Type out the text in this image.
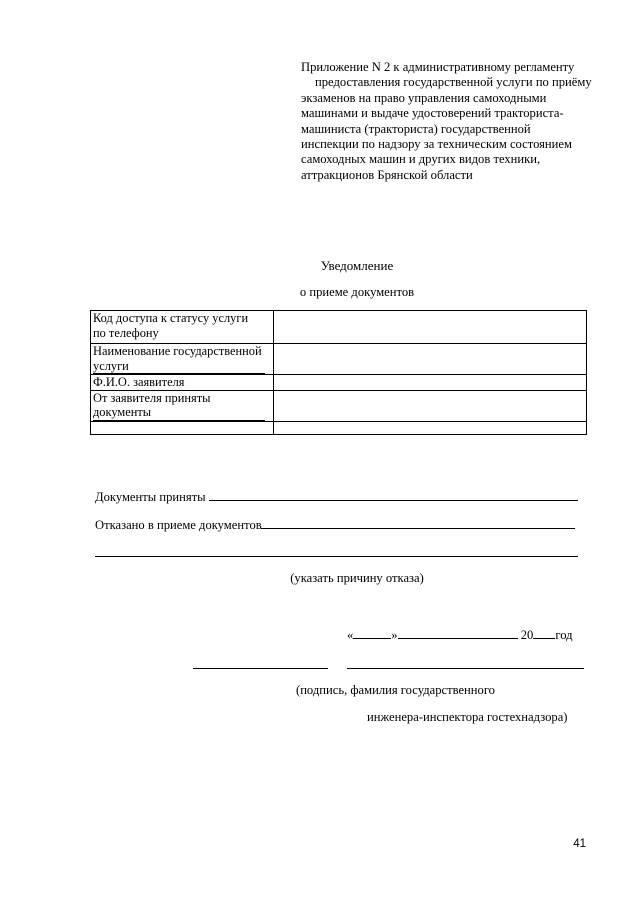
Приложение N 2 к административному регламенту
предоставления государственной услуги по приёму
экзаменов на право управления самоходными
машинами и выдаче удостоверений тракториста-
машиниста (тракториста) государственной
инспекции по надзору за техническим состоянием
самоходных машин и других видов техники,
аттракционов Брянской области
Уведомление
о приеме документов
Код доступа к статусу услуги
по телефону	

Наименование государственной
услуги	

Ф.И.О. заявителя	

От заявителя приняты
документы	

Документы приняты
Отказано в приеме документов
(указать причину отказа)
«	»	20 год
(подпись, фамилия государственного
инженера-инспектора гостехнадзора)
41
